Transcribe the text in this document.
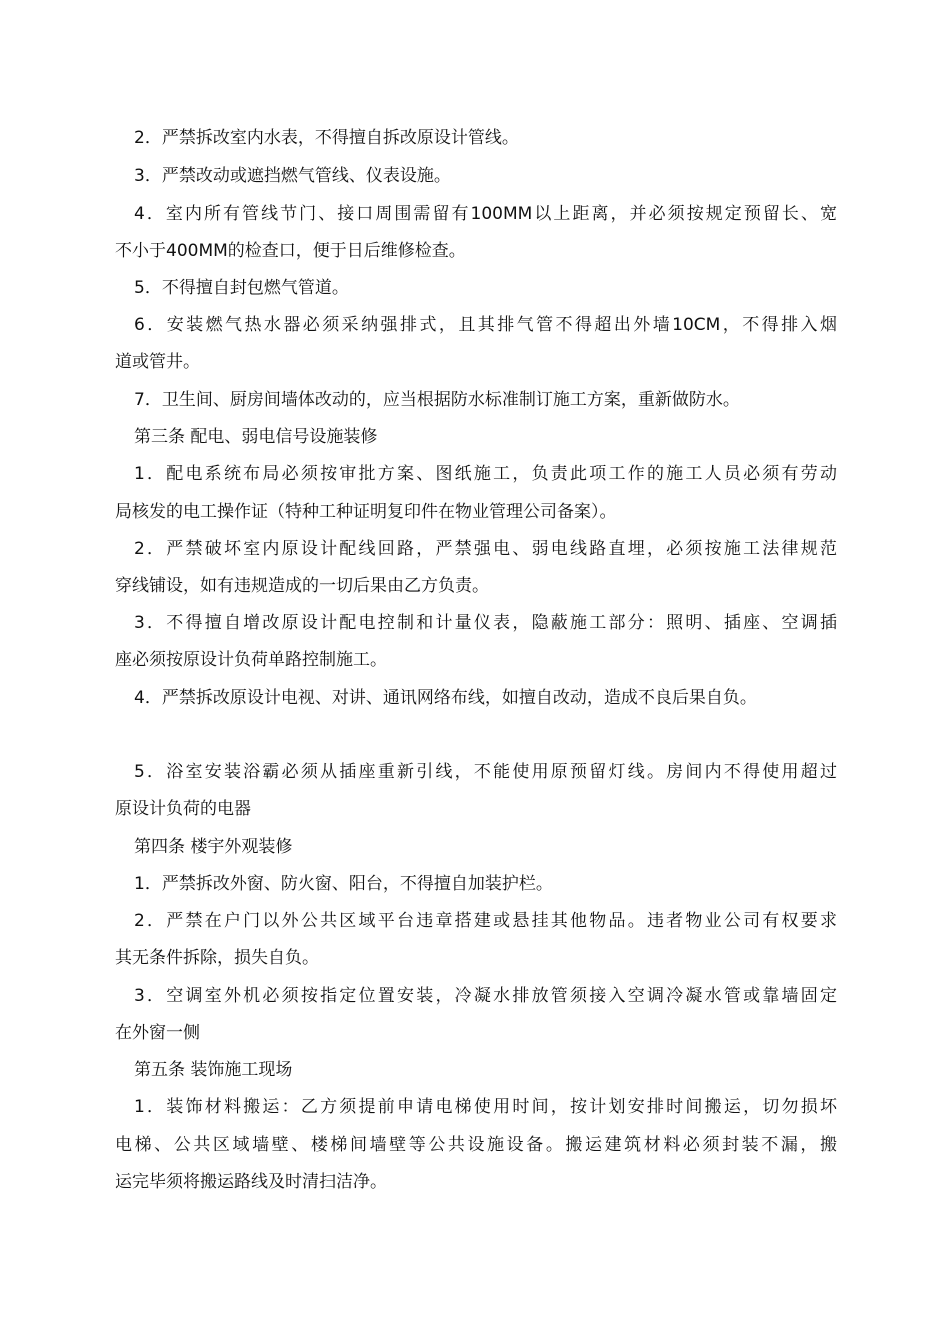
2．严禁拆改室内水表，不得擅自拆改原设计管线。
3．严禁改动或遮挡燃气管线、仪表设施。
4．室内所有管线节门、接口周围需留有100MM以上距离，并必须按规定预留长、宽
不小于400MM的检查口，便于日后维修检查。
5．不得擅自封包燃气管道。
6．安装燃气热水器必须采纳强排式，且其排气管不得超出外墙10CM，不得排入烟
道或管井。
7．卫生间、厨房间墙体改动的，应当根据防水标准制订施工方案，重新做防水。
第三条 配电、弱电信号设施装修
1．配电系统布局必须按审批方案、图纸施工，负责此项工作的施工人员必须有劳动
局核发的电工操作证（特种工种证明复印件在物业管理公司备案）。
2．严禁破坏室内原设计配线回路，严禁强电、弱电线路直埋，必须按施工法律规范
穿线铺设，如有违规造成的一切后果由乙方负责。
3．不得擅自增改原设计配电控制和计量仪表，隐蔽施工部分：照明、插座、空调插
座必须按原设计负荷单路控制施工。
4．严禁拆改原设计电视、对讲、通讯网络布线，如擅自改动，造成不良后果自负。
5．浴室安装浴霸必须从插座重新引线，不能使用原预留灯线。房间内不得使用超过
原设计负荷的电器
第四条 楼宇外观装修
1．严禁拆改外窗、防火窗、阳台，不得擅自加装护栏。
2．严禁在户门以外公共区域平台违章搭建或悬挂其他物品。违者物业公司有权要求
其无条件拆除，损失自负。
3．空调室外机必须按指定位置安装，冷凝水排放管须接入空调冷凝水管或靠墙固定
在外窗一侧
第五条 装饰施工现场
1．装饰材料搬运：乙方须提前申请电梯使用时间，按计划安排时间搬运，切勿损坏
电梯、公共区域墙壁、楼梯间墙壁等公共设施设备。搬运建筑材料必须封装不漏，搬
运完毕须将搬运路线及时清扫洁净。
